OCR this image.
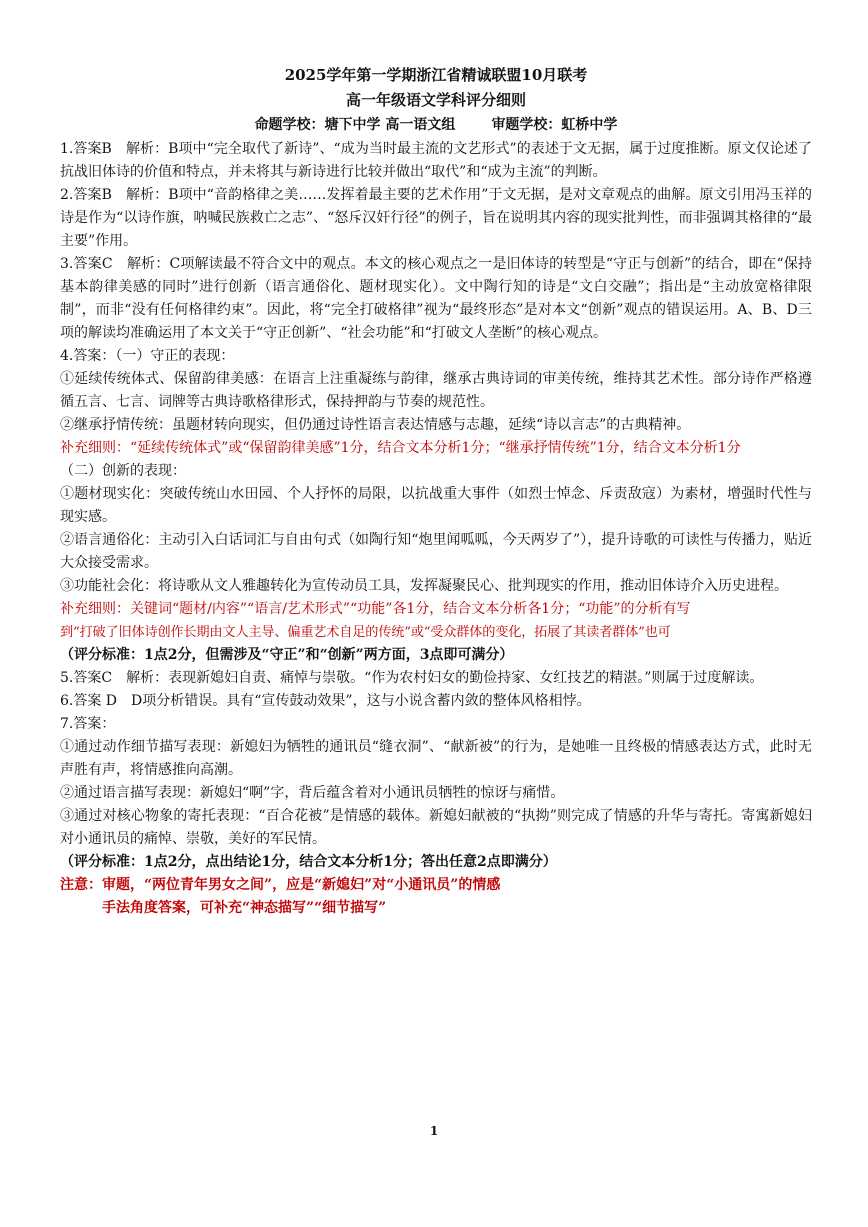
2025学年第一学期浙江省精诚联盟10月联考
高一年级语文学科评分细则
命题学校：塘下中学 高一语文组	审题学校：虹桥中学

1.答案B　解析：B项中“完全取代了新诗”、“成为当时最主流的文艺形式”的表述于文无据，属于过度推断。原文仅论述了抗战旧体诗的价值和特点，并未将其与新诗进行比较并做出“取代”和“成为主流”的判断。

2.答案B　解析：B项中“音韵格律之美……发挥着最主要的艺术作用”于文无据，是对文章观点的曲解。原文引用冯玉祥的诗是作为“以诗作旗，呐喊民族救亡之志”、“怒斥汉奸行径”的例子，旨在说明其内容的现实批判性，而非强调其格律的“最主要”作用。

3.答案C　解析：C项解读最不符合文中的观点。本文的核心观点之一是旧体诗的转型是“守正与创新”的结合，即在“保持基本韵律美感的同时”进行创新（语言通俗化、题材现实化）。文中陶行知的诗是“文白交融”；指出是“主动放宽格律限制”，而非“没有任何格律约束”。因此，将“完全打破格律”视为“最终形态”是对本文“创新”观点的错误运用。A、B、D三项的解读均准确运用了本文关于“守正创新”、“社会功能”和“打破文人垄断”的核心观点。

4.答案：（一）守正的表现：

①延续传统体式、保留韵律美感：在语言上注重凝练与韵律，继承古典诗词的审美传统，维持其艺术性。部分诗作严格遵循五言、七言、词牌等古典诗歌格律形式，保持押韵与节奏的规范性。

②继承抒情传统：虽题材转向现实，但仍通过诗性语言表达情感与志趣，延续“诗以言志”的古典精神。

补充细则：“延续传统体式”或“保留韵律美感”1分，结合文本分析1分；“继承抒情传统”1分，结合文本分析1分

（二）创新的表现：

①题材现实化：突破传统山水田园、个人抒怀的局限，以抗战重大事件（如烈士悼念、斥责敌寇）为素材，增强时代性与现实感。

②语言通俗化：主动引入白话词汇与自由句式（如陶行知“炮里闻呱呱，今天两岁了”），提升诗歌的可读性与传播力，贴近大众接受需求。

③功能社会化：将诗歌从文人雅趣转化为宣传动员工具，发挥凝聚民心、批判现实的作用，推动旧体诗介入历史进程。

补充细则：关键词“题材/内容”“语言/艺术形式”“功能”各1分，结合文本分析各1分；“功能”的分析有写

到“打破了旧体诗创作长期由文人主导、偏重艺术自足的传统”或“受众群体的变化，拓展了其读者群体”也可

（评分标准：1点2分，但需涉及“守正”和“创新”两方面，3点即可满分）

5.答案C　解析：表现新媳妇自责、痛悼与崇敬。“作为农村妇女的勤俭持家、女红技艺的精湛。”则属于过度解读。

6.答案 D　D项分析错误。具有“宣传鼓动效果”，这与小说含蓄内敛的整体风格相悖。

7.答案：

①通过动作细节描写表现：新媳妇为牺牲的通讯员“缝衣洞”、“献新被”的行为，是她唯一且终极的情感表达方式，此时无声胜有声，将情感推向高潮。

②通过语言描写表现：新媳妇“啊”字，背后蕴含着对小通讯员牺牲的惊讶与痛惜。

③通过对核心物象的寄托表现：“百合花被”是情感的载体。新媳妇献被的“执拗”则完成了情感的升华与寄托。寄寓新媳妇对小通讯员的痛悼、崇敬，美好的军民情。

（评分标准：1点2分，点出结论1分，结合文本分析1分；答出任意2点即满分）

注意：审题，“两位青年男女之间”，应是“新媳妇”对“小通讯员”的情感

手法角度答案，可补充“神态描写”“细节描写”

1
